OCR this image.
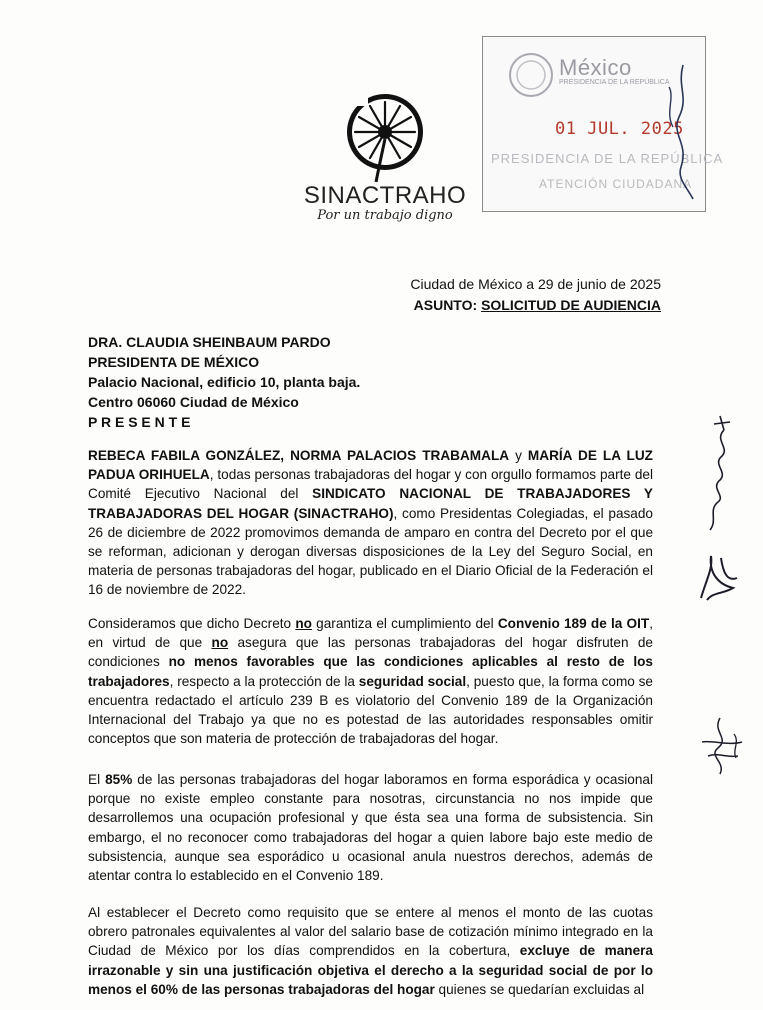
SINACTRAHO
Por un trabajo digno
México
PRESIDENCIA DE LA REPÚBLICA
01 JUL. 2025
PRESIDENCIA DE LA REPÚBLICA
ATENCIÓN CIUDADANA
Ciudad de México a 29 de junio de 2025
ASUNTO: SOLICITUD DE AUDIENCIA
DRA. CLAUDIA SHEINBAUM PARDO
PRESIDENTA DE MÉXICO
Palacio Nacional, edificio 10, planta baja.
Centro 06060 Ciudad de México
P R E S E N T E
REBECA FABILA GONZÁLEZ, NORMA PALACIOS TRABAMALA y MARÍA DE LA LUZ PADUA ORIHUELA, todas personas trabajadoras del hogar y con orgullo formamos parte del Comité Ejecutivo Nacional del SINDICATO NACIONAL DE TRABAJADORES Y TRABAJADORAS DEL HOGAR (SINACTRAHO), como Presidentas Colegiadas, el pasado 26 de diciembre de 2022 promovimos demanda de amparo en contra del Decreto por el que se reforman, adicionan y derogan diversas disposiciones de la Ley del Seguro Social, en materia de personas trabajadoras del hogar, publicado en el Diario Oficial de la Federación el 16 de noviembre de 2022.
Consideramos que dicho Decreto no garantiza el cumplimiento del Convenio 189 de la OIT, en virtud de que no asegura que las personas trabajadoras del hogar disfruten de condiciones no menos favorables que las condiciones aplicables al resto de los trabajadores, respecto a la protección de la seguridad social, puesto que, la forma como se encuentra redactado el artículo 239 B es violatorio del Convenio 189 de la Organización Internacional del Trabajo ya que no es potestad de las autoridades responsables omitir conceptos que son materia de protección de trabajadoras del hogar.
El 85% de las personas trabajadoras del hogar laboramos en forma esporádica y ocasional porque no existe empleo constante para nosotras, circunstancia no nos impide que desarrollemos una ocupación profesional y que ésta sea una forma de subsistencia. Sin embargo, el no reconocer como trabajadoras del hogar a quien labore bajo este medio de subsistencia, aunque sea esporádico u ocasional anula nuestros derechos, además de atentar contra lo establecido en el Convenio 189.
Al establecer el Decreto como requisito que se entere al menos el monto de las cuotas obrero patronales equivalentes al valor del salario base de cotización mínimo integrado en la Ciudad de México por los días comprendidos en la cobertura, excluye de manera irrazonable y sin una justificación objetiva el derecho a la seguridad social de por lo menos el 60% de las personas trabajadoras del hogar quienes se quedarían excluidas al
